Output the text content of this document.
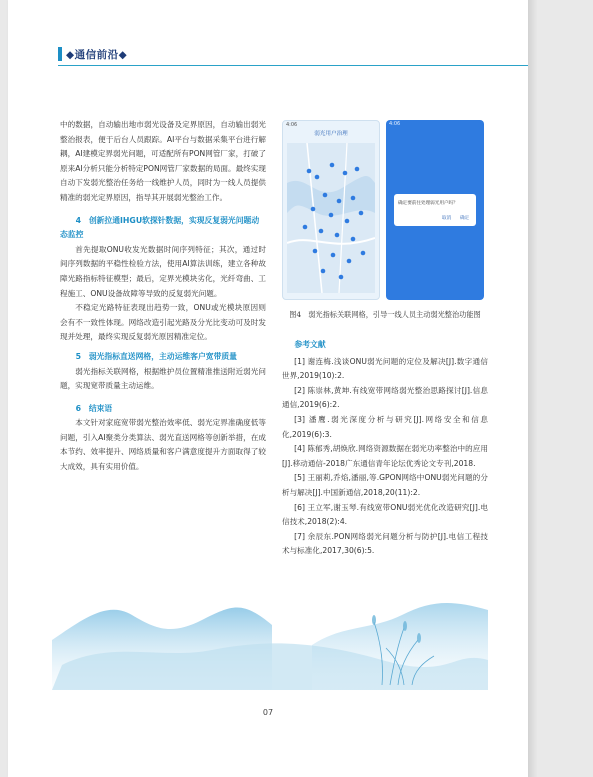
◆通信前沿◆

中的数据，自动输出地市弱光设备及定界原因，自动输出弱光整治报表，便于后台人员跟踪。AI平台与数据采集平台进行解耦，AI建模定界弱光问题，可适配所有PON网管厂家，打破了原来AI分析只能分析特定PON网管厂家数据的局面。最终实现自动下发弱光整治任务给一线维护人员，同时为一线人员提供精准的弱光定界原因，指导其开展弱光整治工作。

4　创新拉通IHGU软探针数据，实现反复弱光问题动态监控

首先提取ONU收发光数据时间序列特征；其次，通过时间序列数据的平稳性检验方法，使用AI算法训练，建立各种故障光路指标特征模型；最后，定界光模块劣化，光纤弯曲、工程施工、ONU设备故障等导致的反复弱光问题。

不稳定光路特征表现出趋势一致，ONU或光模块原因则会有不一致性体现。网络改造引起光路及分光比变动可及时发现并处理，最终实现反复弱光原因精准定位。

5　弱光指标直送网格，主动运维客户宽带质量

弱光指标关联网格，根据维护员位置精准推送附近弱光问题，实现宽带质量主动运维。

6　结束语

本文针对家庭宽带弱光整治效率低、弱光定界准确度低等问题，引入AI聚类分类算法、弱光直送网格等创新举措，在成本节约、效率提升、网络质量和客户满意度提升方面取得了较大成效，具有实用价值。

4:06
弱光用户治理
4:06
确定要前往处理弱光用户吗？
取消 确定
图4　弱光指标关联网格，引导一线人员主动弱光整治功能图
参考文献

[1] 谢连梅.浅谈ONU弱光问题的定位及解决[J].数字通信世界,2019(10):2.

[2] 陈崇林,黄坤.有线宽带网络弱光整治思路探讨[J].信息通信,2019(6):2.

[3] 潘鹰.弱光深度分析与研究[J].网络安全和信息化,2019(6):3.

[4] 陈郁秀,胡焕欣.网络资源数据在弱光功率整治中的应用[J].移动通信-2018广东通信青年论坛优秀论文专刊,2018.

[5] 王丽莉,乔焰,潘丽,等.GPON网络中ONU弱光问题的分析与解决[J].中国新通信,2018,20(11):2.

[6] 王立军,谢玉琴.有线宽带ONU弱光优化改造研究[J].电信技术,2018(2):4.

[7] 余辰东.PON网络弱光问题分析与防护[J].电信工程技术与标准化,2017,30(6):5.

07
